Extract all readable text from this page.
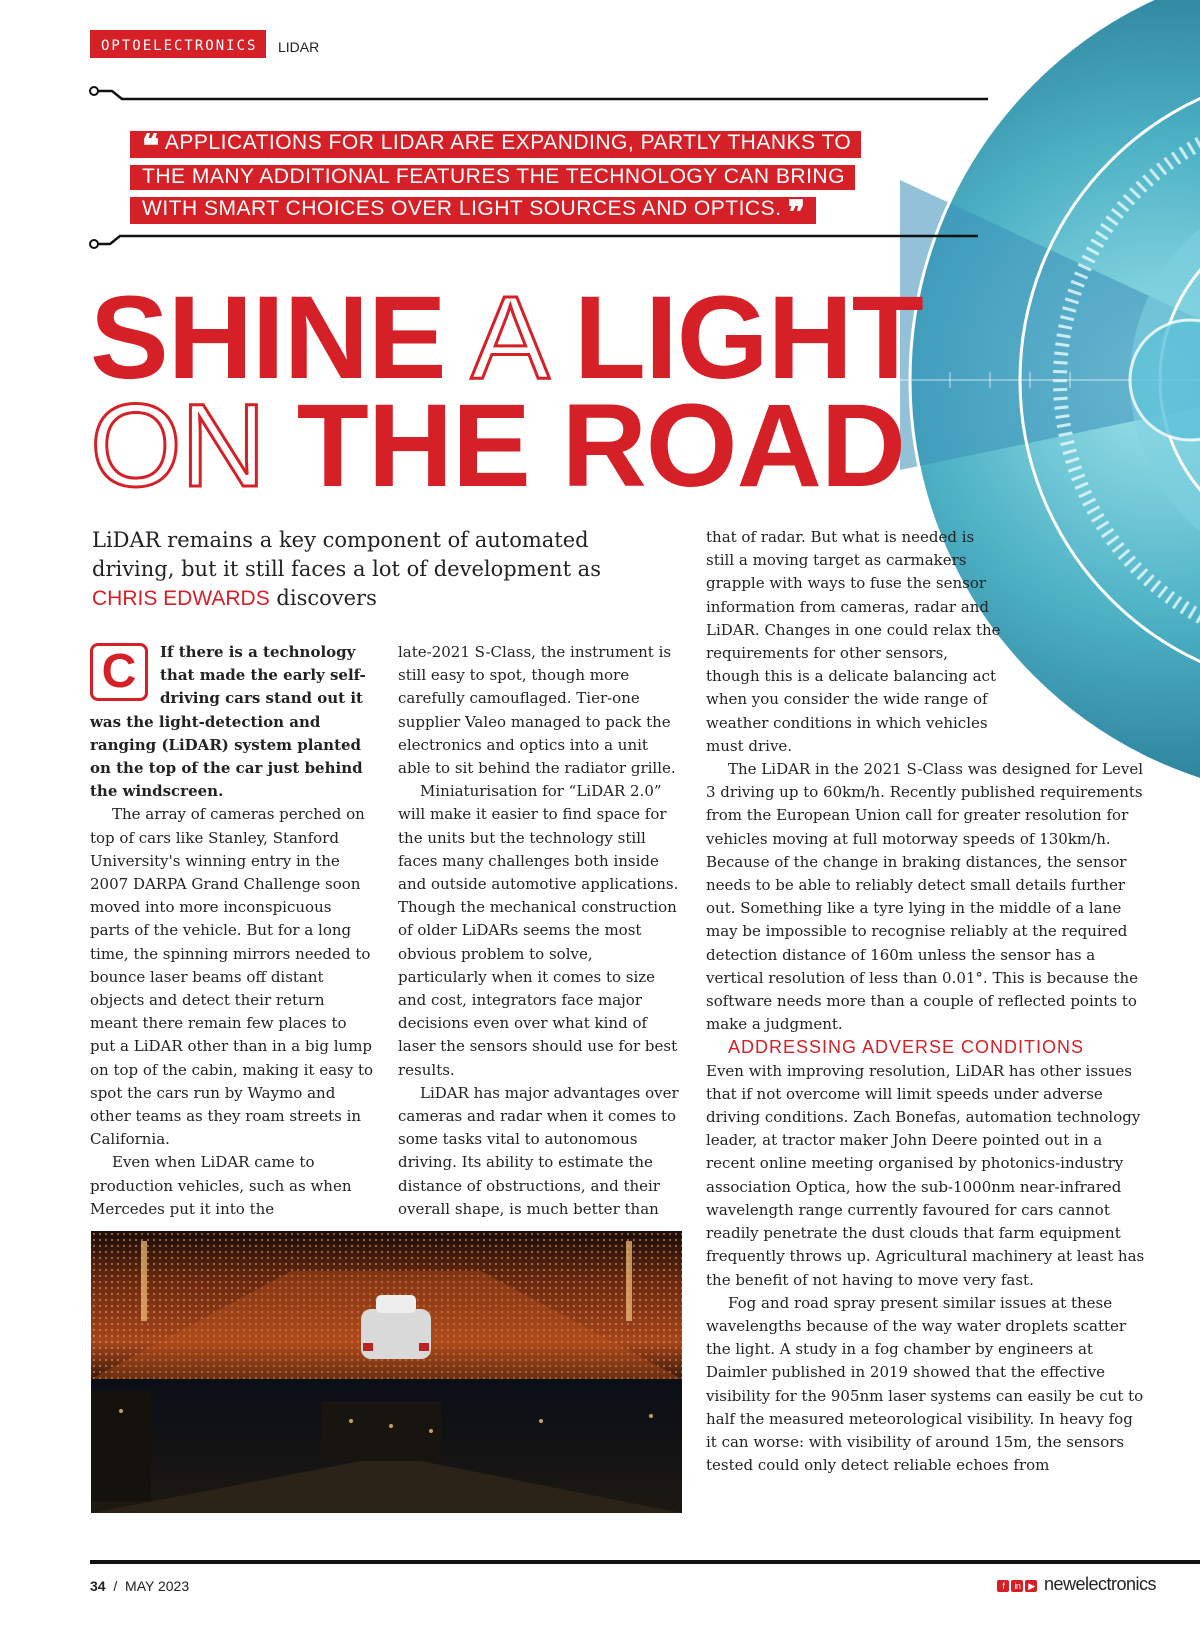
OPTOELECTRONICS	LIDAR
❝ APPLICATIONS FOR LIDAR ARE EXPANDING, PARTLY THANKS TO
THE MANY ADDITIONAL FEATURES THE TECHNOLOGY CAN BRING
WITH SMART CHOICES OVER LIGHT SOURCES AND OPTICS. ❞
SHINE A LIGHT
ON THE ROAD
LiDAR remains a key component of automated driving, but it still faces a lot of development as CHRIS EDWARDS discovers

C	If there is a technology that made the early self-driving cars stand out it was the light-detection and ranging (LiDAR) system planted on the top of the car just behind the windscreen.

The array of cameras perched on top of cars like Stanley, Stanford University's winning entry in the 2007 DARPA Grand Challenge soon moved into more inconspicuous parts of the vehicle. But for a long time, the spinning mirrors needed to bounce laser beams off distant objects and detect their return meant there remain few places to put a LiDAR other than in a big lump on top of the cabin, making it easy to spot the cars run by Waymo and other teams as they roam streets in California.

Even when LiDAR came to production vehicles, such as when Mercedes put it into the

late-2021 S-Class, the instrument is still easy to spot, though more carefully camouflaged. Tier-one supplier Valeo managed to pack the electronics and optics into a unit able to sit behind the radiator grille.

Miniaturisation for “LiDAR 2.0” will make it easier to find space for the units but the technology still faces many challenges both inside and outside automotive applications. Though the mechanical construction of older LiDARs seems the most obvious problem to solve, particularly when it comes to size and cost, integrators face major decisions even over what kind of laser the sensors should use for best results.

LiDAR has major advantages over cameras and radar when it comes to some tasks vital to autonomous driving. Its ability to estimate the distance of obstructions, and their overall shape, is much better than

that of radar. But what is needed is still a moving target as carmakers grapple with ways to fuse the sensor information from cameras, radar and LiDAR. Changes in one could relax the requirements for other sensors, though this is a delicate balancing act when you consider the wide range of weather conditions in which vehicles must drive.

The LiDAR in the 2021 S-Class was designed for Level 3 driving up to 60km/h. Recently published requirements from the European Union call for greater resolution for vehicles moving at full motorway speeds of 130km/h. Because of the change in braking distances, the sensor needs to be able to reliably detect small details further out. Something like a tyre lying in the middle of a lane may be impossible to recognise reliably at the required detection distance of 160m unless the sensor has a vertical resolution of less than 0.01°. This is because the software needs more than a couple of reflected points to make a judgment.

ADDRESSING ADVERSE CONDITIONS

Even with improving resolution, LiDAR has other issues that if not overcome will limit speeds under adverse driving conditions. Zach Bonefas, automation technology leader, at tractor maker John Deere pointed out in a recent online meeting organised by photonics-industry association Optica, how the sub-1000nm near-infrared wavelength range currently favoured for cars cannot readily penetrate the dust clouds that farm equipment frequently throws up. Agricultural machinery at least has the benefit of not having to move very fast.

Fog and road spray present similar issues at these wavelengths because of the way water droplets scatter the light. A study in a fog chamber by engineers at Daimler published in 2019 showed that the effective visibility for the 905nm laser systems can easily be cut to half the measured meteorological visibility. In heavy fog it can worse: with visibility of around 15m, the sensors tested could only detect reliable echoes from

34 / MAY 2023	f in ▶ newelectronics
